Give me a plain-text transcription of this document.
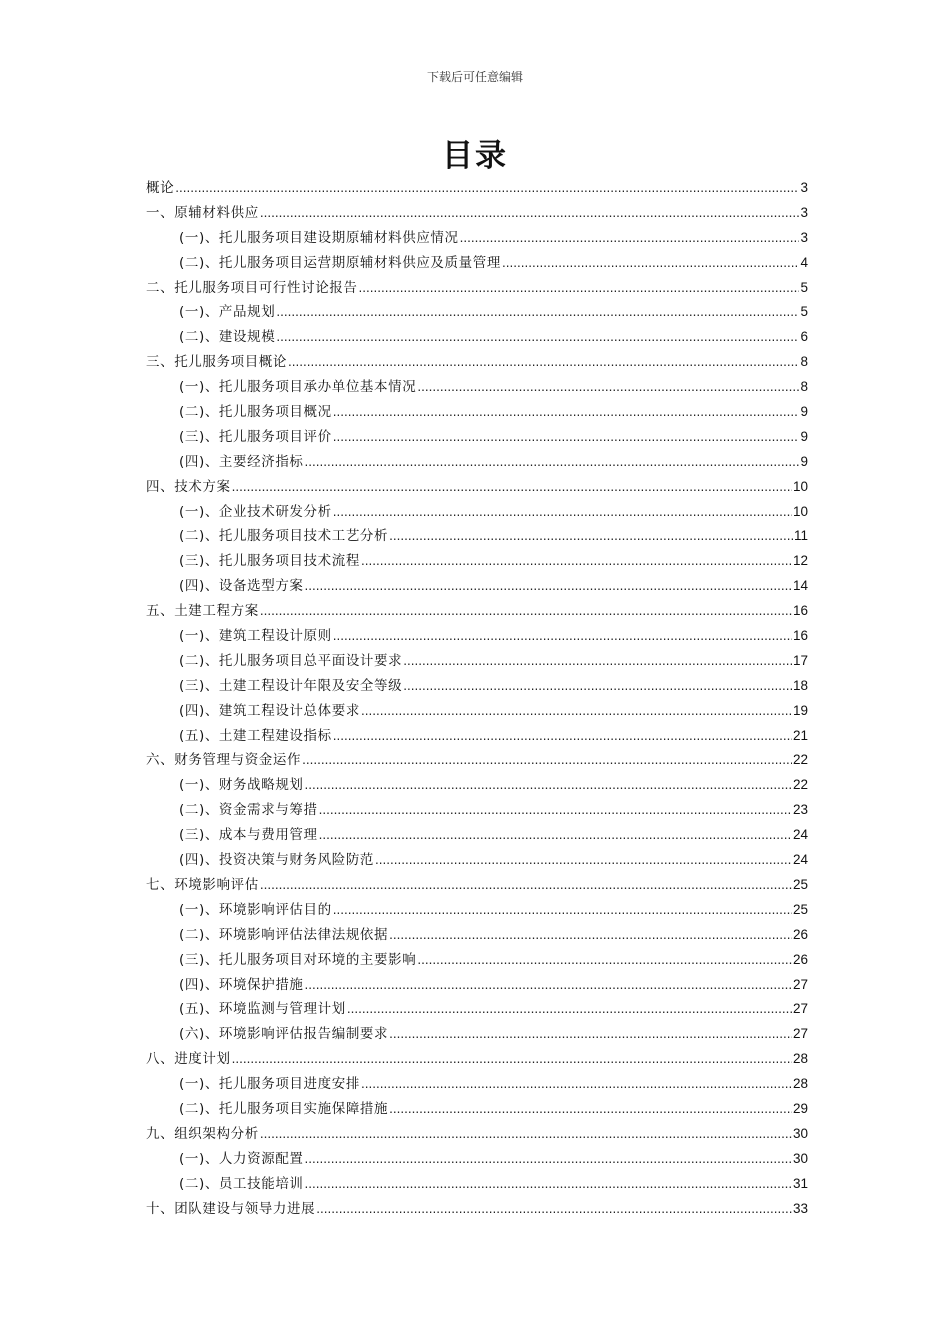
下载后可任意编辑
目录
概论 .....	3
一、原辅材料供应 .....	3
(一)、托儿服务项目建设期原辅材料供应情况 .....	3
(二)、托儿服务项目运营期原辅材料供应及质量管理 .....	4
二、托儿服务项目可行性讨论报告 .....	5
(一)、产品规划 .....	5
(二)、建设规模 .....	6
三、托儿服务项目概论 .....	8
(一)、托儿服务项目承办单位基本情况 .....	8
(二)、托儿服务项目概况 .....	9
(三)、托儿服务项目评价 .....	9
(四)、主要经济指标 .....	9
四、技术方案 .....	10
(一)、企业技术研发分析 .....	10
(二)、托儿服务项目技术工艺分析 .....	11
(三)、托儿服务项目技术流程 .....	12
(四)、设备选型方案 .....	14
五、土建工程方案 .....	16
(一)、建筑工程设计原则 .....	16
(二)、托儿服务项目总平面设计要求 .....	17
(三)、土建工程设计年限及安全等级 .....	18
(四)、建筑工程设计总体要求 .....	19
(五)、土建工程建设指标 .....	21
六、财务管理与资金运作 .....	22
(一)、财务战略规划 .....	22
(二)、资金需求与筹措 .....	23
(三)、成本与费用管理 .....	24
(四)、投资决策与财务风险防范 .....	24
七、环境影响评估 .....	25
(一)、环境影响评估目的 .....	25
(二)、环境影响评估法律法规依据 .....	26
(三)、托儿服务项目对环境的主要影响 .....	26
(四)、环境保护措施 .....	27
(五)、环境监测与管理计划 .....	27
(六)、环境影响评估报告编制要求 .....	27
八、进度计划 .....	28
(一)、托儿服务项目进度安排 .....	28
(二)、托儿服务项目实施保障措施 .....	29
九、组织架构分析 .....	30
(一)、人力资源配置 .....	30
(二)、员工技能培训 .....	31
十、团队建设与领导力进展 .....	33
